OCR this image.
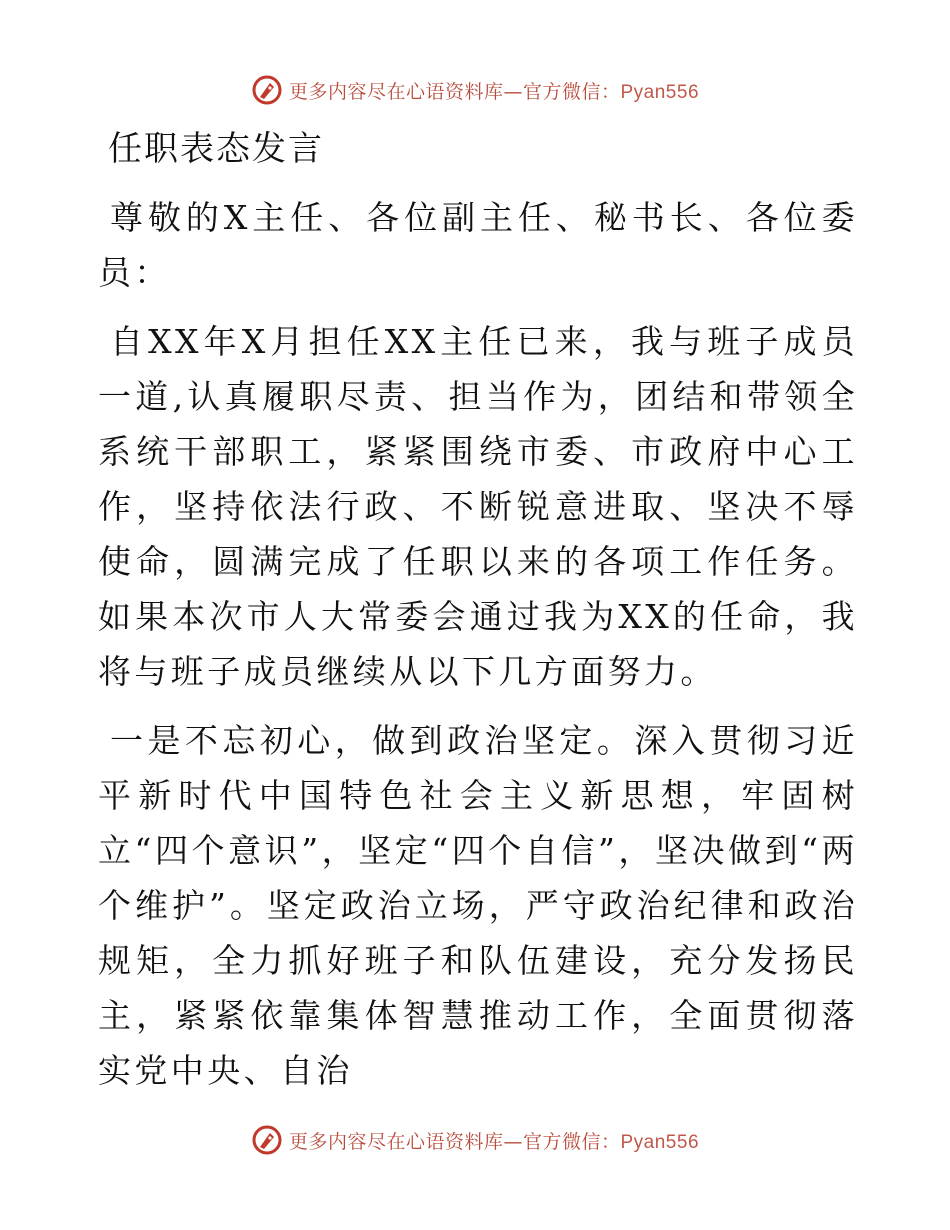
更多内容尽在心语资料库—官方微信：Pyan556
任职表态发言

尊敬的X主任、各位副主任、秘书长、各位委员：

自XX年X月担任XX主任已来，我与班子成员一道,认真履职尽责、担当作为，团结和带领全系统干部职工，紧紧围绕市委、市政府中心工作，坚持依法行政、不断锐意进取、坚决不辱使命，圆满完成了任职以来的各项工作任务。如果本次市人大常委会通过我为XX的任命，我将与班子成员继续从以下几方面努力。

一是不忘初心，做到政治坚定。深入贯彻习近平新时代中国特色社会主义新思想，牢固树立“四个意识”，坚定“四个自信”，坚决做到“两个维护”。坚定政治立场，严守政治纪律和政治规矩，全力抓好班子和队伍建设，充分发扬民主，紧紧依靠集体智慧推动工作，全面贯彻落实党中央、自治

更多内容尽在心语资料库—官方微信：Pyan556
